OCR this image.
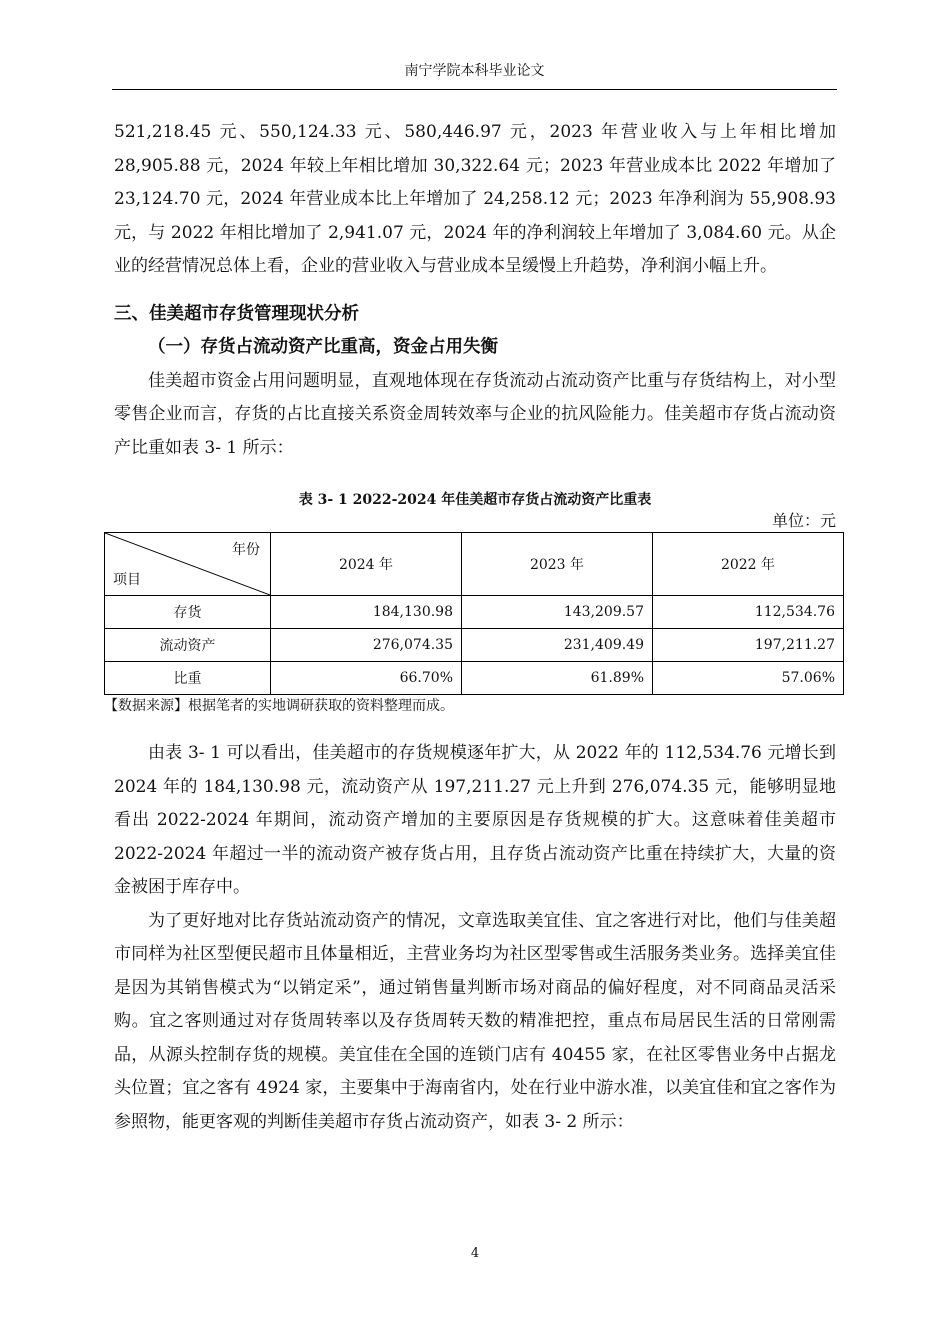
南宁学院本科毕业论文

521,218.45 元、550,124.33 元、580,446.97 元，2023 年营业收入与上年相比增加 28,905.88 元，2024 年较上年相比增加 30,322.64 元；2023 年营业成本比 2022 年增加了 23,124.70 元，2024 年营业成本比上年增加了 24,258.12 元；2023 年净利润为 55,908.93 元，与 2022 年相比增加了 2,941.07 元，2024 年的净利润较上年增加了 3,084.60 元。从企业的经营情况总体上看，企业的营业收入与营业成本呈缓慢上升趋势，净利润小幅上升。

三、佳美超市存货管理现状分析
（一）存货占流动资产比重高，资金占用失衡

佳美超市资金占用问题明显，直观地体现在存货流动占流动资产比重与存货结构上，对小型零售企业而言，存货的占比直接关系资金周转效率与企业的抗风险能力。佳美超市存货占流动资产比重如表 3- 1 所示：

表 3- 1 2022-2024 年佳美超市存货占流动资产比重表
单位：元
年份
项目	2024 年	2023 年	2022 年
存货	184,130.98	143,209.57	112,534.76
流动资产	276,074.35	231,409.49	197,211.27
比重	66.70%	61.89%	57.06%
【数据来源】根据笔者的实地调研获取的资料整理而成。

由表 3- 1 可以看出，佳美超市的存货规模逐年扩大，从 2022 年的 112,534.76 元增长到 2024 年的 184,130.98 元，流动资产从 197,211.27 元上升到 276,074.35 元，能够明显地看出 2022-2024 年期间，流动资产增加的主要原因是存货规模的扩大。这意味着佳美超市 2022-2024 年超过一半的流动资产被存货占用，且存货占流动资产比重在持续扩大，大量的资金被困于库存中。

为了更好地对比存货站流动资产的情况，文章选取美宜佳、宜之客进行对比，他们与佳美超市同样为社区型便民超市且体量相近，主营业务均为社区型零售或生活服务类业务。选择美宜佳是因为其销售模式为“以销定采”，通过销售量判断市场对商品的偏好程度，对不同商品灵活采购。宜之客则通过对存货周转率以及存货周转天数的精准把控，重点布局居民生活的日常刚需品，从源头控制存货的规模。美宜佳在全国的连锁门店有 40455 家，在社区零售业务中占据龙头位置；宜之客有 4924 家，主要集中于海南省内，处在行业中游水准，以美宜佳和宜之客作为参照物，能更客观的判断佳美超市存货占流动资产，如表 3- 2 所示：

4
